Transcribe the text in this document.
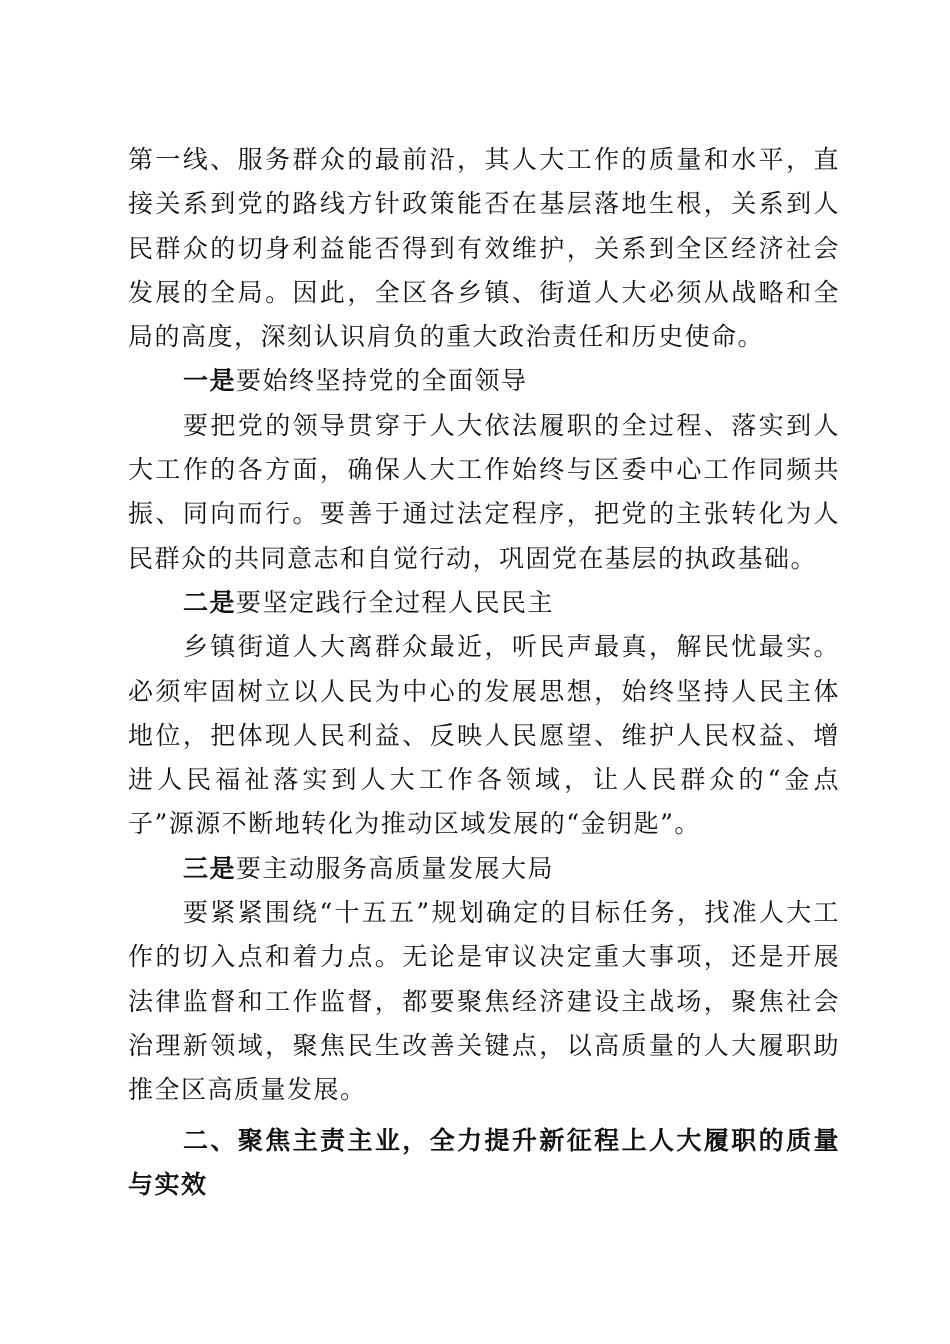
第一线、服务群众的最前沿，其人大工作的质量和水平，直接关系到党的路线方针政策能否在基层落地生根，关系到人民群众的切身利益能否得到有效维护，关系到全区经济社会发展的全局。因此，全区各乡镇、街道人大必须从战略和全局的高度，深刻认识肩负的重大政治责任和历史使命。

一是要始终坚持党的全面领导

要把党的领导贯穿于人大依法履职的全过程、落实到人大工作的各方面，确保人大工作始终与区委中心工作同频共振、同向而行。要善于通过法定程序，把党的主张转化为人民群众的共同意志和自觉行动，巩固党在基层的执政基础。

二是要坚定践行全过程人民民主

乡镇街道人大离群众最近，听民声最真，解民忧最实。必须牢固树立以人民为中心的发展思想，始终坚持人民主体地位，把体现人民利益、反映人民愿望、维护人民权益、增进人民福祉落实到人大工作各领域，让人民群众的“金点子”源源不断地转化为推动区域发展的“金钥匙”。

三是要主动服务高质量发展大局

要紧紧围绕“十五五”规划确定的目标任务，找准人大工作的切入点和着力点。无论是审议决定重大事项，还是开展法律监督和工作监督，都要聚焦经济建设主战场，聚焦社会治理新领域，聚焦民生改善关键点，以高质量的人大履职助推全区高质量发展。

二、聚焦主责主业，全力提升新征程上人大履职的质量与实效
